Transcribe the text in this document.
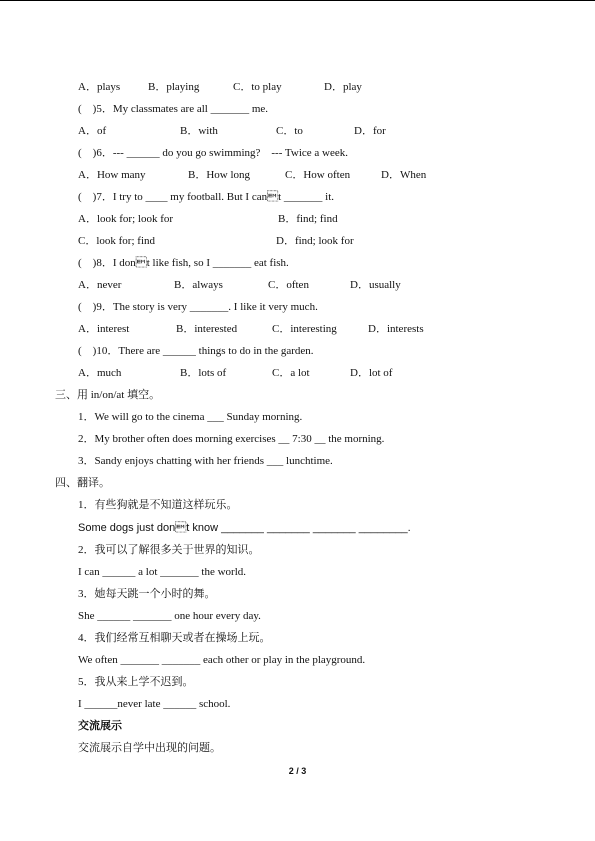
A．plays	B．playing	C．to play	D．play
(　)5．My classmates are all _______ me.
A．of	B．with	C．to	D．for
(　)6．--- ______ do you go swimming?　--- Twice a week.
A．How many	B．How long	C．How often	D．When
(　)7．I try to ____ my football. But I cant _______ it.
A．look for; look for	B．find; find
C．look for; find	D．find; look for
(　)8．I dont like fish, so I _______ eat fish.
A．never	B．always	C．often	D．usually
(　)9．The story is very _______. I like it very much.
A．interest	B．interested	C．interesting	D．interests
(　)10．There are ______ things to do in the garden.
A．much	B．lots of	C．a lot	D．lot of
三、用 in/on/at 填空。
1．We will go to the cinema ___ Sunday morning.
2．My brother often does morning exercises __ 7:30 __ the morning.
3．Sandy enjoys chatting with her friends ___ lunchtime.
四、翻译。
1．有些狗就是不知道这样玩乐。
Some dogs just dont know _______ _______ _______ ________.
2．我可以了解很多关于世界的知识。
I can ______ a lot _______ the world.
3．她每天跳一个小时的舞。
She ______ _______ one hour every day.
4．我们经常互相聊天或者在操场上玩。
We often _______ _______ each other or play in the playground.
5．我从来上学不迟到。
I ______never late ______ school.
交流展示
交流展示自学中出现的问题。
2 / 3
